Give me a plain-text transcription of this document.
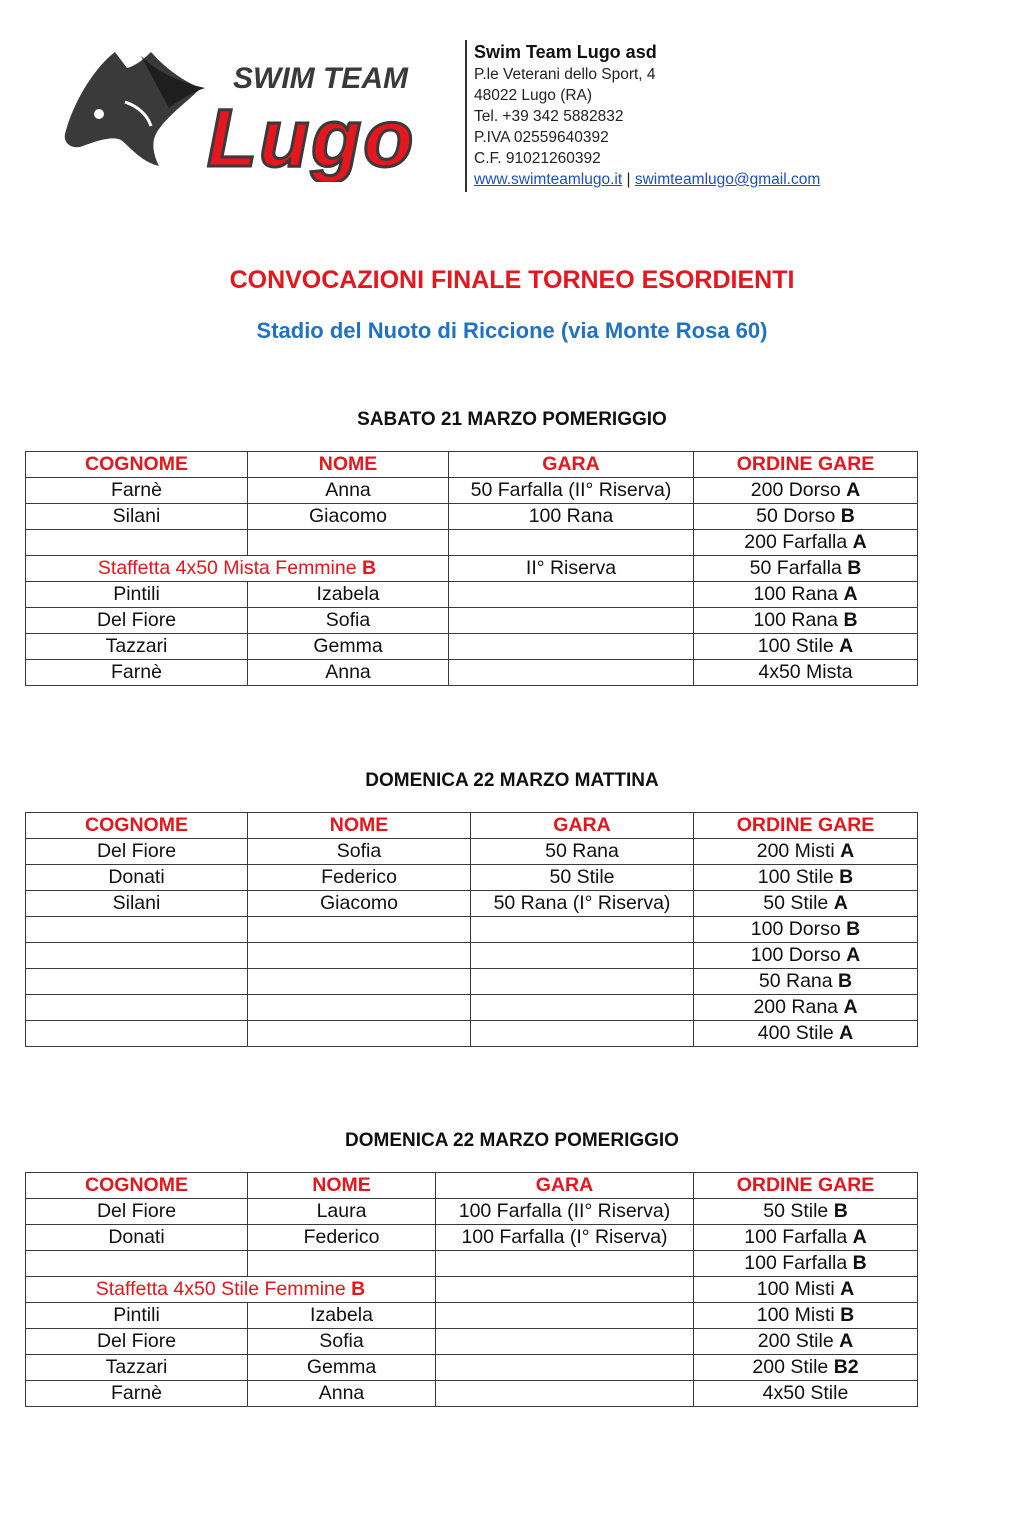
SWIM TEAM
Lugo
Swim Team Lugo asd
P.le Veterani dello Sport, 4
48022 Lugo (RA)
Tel. +39 342 5882832
P.IVA 02559640392
C.F. 91021260392
www.swimteamlugo.it | swimteamlugo@gmail.com
CONVOCAZIONI FINALE TORNEO ESORDIENTI
Stadio del Nuoto di Riccione (via Monte Rosa 60)
SABATO 21 MARZO POMERIGGIO
COGNOME	NOME	GARA	ORDINE GARE
Farnè	Anna	50 Farfalla (II° Riserva)	200 Dorso A
Silani	Giacomo	100 Rana	50 Dorso B
			200 Farfalla A
Staffetta 4x50 Mista Femmine B		II° Riserva	50 Farfalla B
Pintili	Izabela		100 Rana A
Del Fiore	Sofia		100 Rana B
Tazzari	Gemma		100 Stile A
Farnè	Anna		4x50 Mista
DOMENICA 22 MARZO MATTINA
COGNOME	NOME	GARA	ORDINE GARE
Del Fiore	Sofia	50 Rana	200 Misti A
Donati	Federico	50 Stile	100 Stile B
Silani	Giacomo	50 Rana (I° Riserva)	50 Stile A
			100 Dorso B
			100 Dorso A
			50 Rana B
			200 Rana A
			400 Stile A
DOMENICA 22 MARZO POMERIGGIO
COGNOME	NOME	GARA	ORDINE GARE
Del Fiore	Laura	100 Farfalla (II° Riserva)	50 Stile B
Donati	Federico	100 Farfalla (I° Riserva)	100 Farfalla A
			100 Farfalla B
Staffetta 4x50 Stile Femmine B			100 Misti A
Pintili	Izabela		100 Misti B
Del Fiore	Sofia		200 Stile A
Tazzari	Gemma		200 Stile B2
Farnè	Anna		4x50 Stile
